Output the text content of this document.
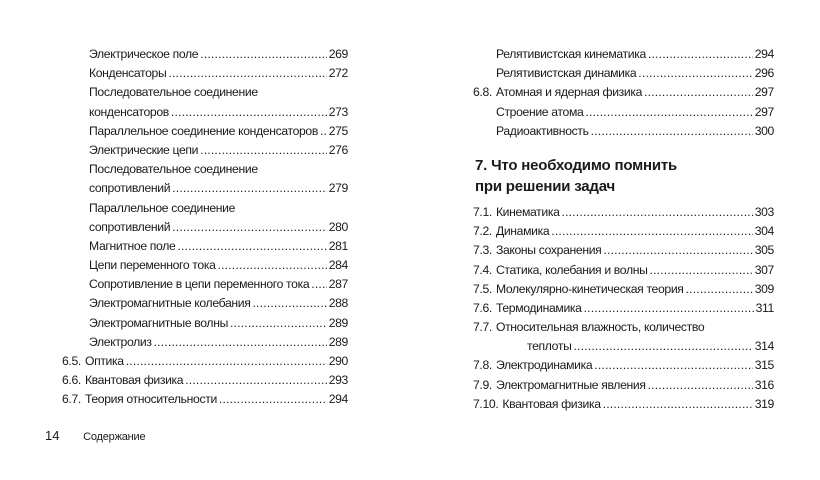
Электрическое поле . . .	269
Конденсаторы . . .	272
Последовательное соединение
конденсаторов . . .	273
Параллельное соединение конденсаторов . . . 275
Электрические цепи . . .	276
Последовательное соединение
сопротивлений . . .	279
Параллельное соединение
сопротивлений . . .	280
Магнитное поле . . .	281
Цепи переменного тока . . .	284
Сопротивление в цепи переменного тока . . . 287
Электромагнитные колебания . . .	288
Электромагнитные волны . . .	289
Электролиз . . .	289
6.5. Оптика . . .	290
6.6. Квантовая физика . . .	293
6.7. Теория относительности . . .	294
Релятивистская кинематика . . .	294
Релятивистская динамика . . .	296
6.8. Атомная и ядерная физика . . .	297
Строение атома . . .	297
Радиоактивность . . .	300
7. Что необходимо помнить
при решении задач
7.1. Кинематика . . .	303
7.2. Динамика . . .	304
7.3. Законы сохранения . . .	305
7.4. Статика, колебания и волны . . .	307
7.5. Молекулярно-кинетическая теория . . .	309
7.6. Термодинамика . . .	311
7.7. Относительная влажность, количество
теплоты . . .	314
7.8. Электродинамика . . .	315
7.9. Электромагнитные явления . . .	316
7.10. Квантовая физика . . .	319
14 Содержание
